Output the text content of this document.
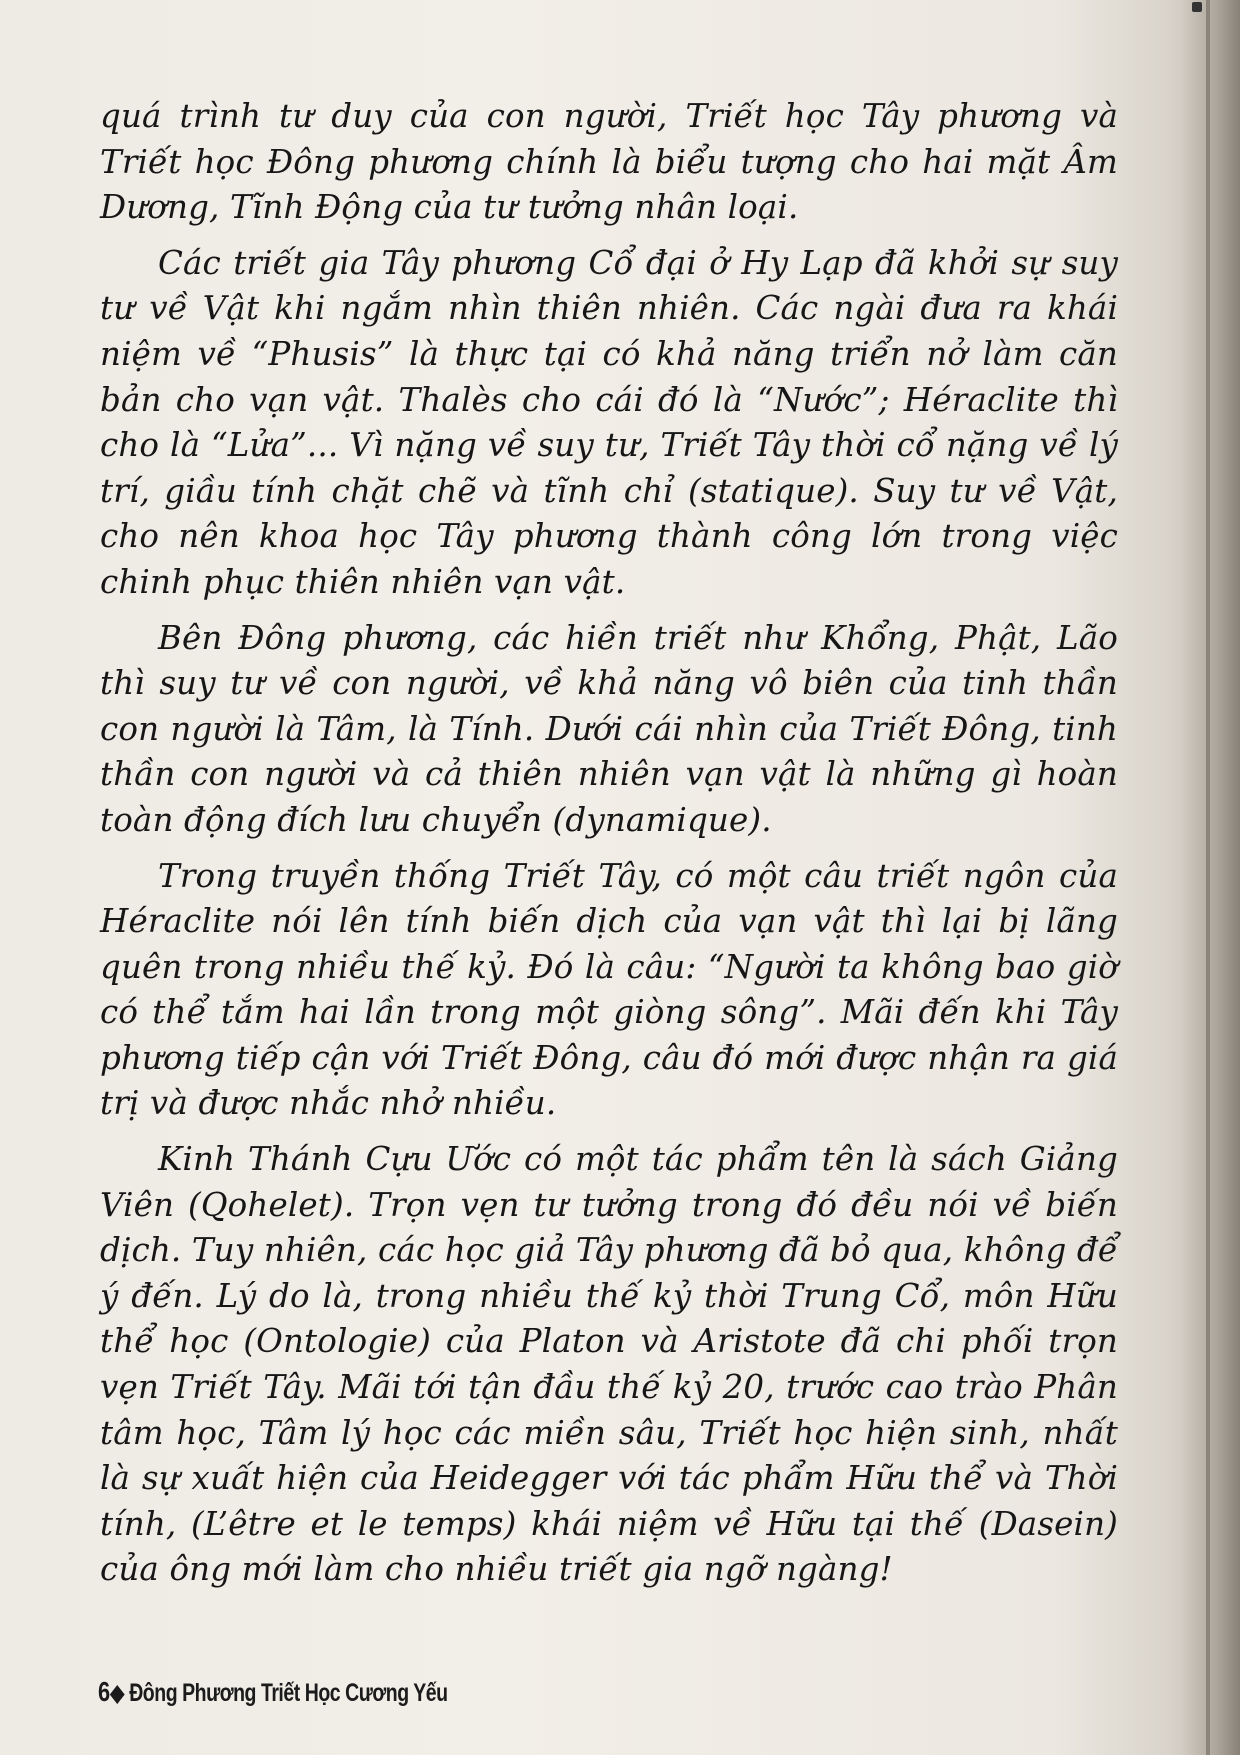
quá trình tư duy của con người, Triết học Tây phương và Triết học Đông phương chính là biểu tượng cho hai mặt Âm Dương, Tĩnh Động của tư tưởng nhân loại.

Các triết gia Tây phương Cổ đại ở Hy Lạp đã khởi sự suy tư về Vật khi ngắm nhìn thiên nhiên. Các ngài đưa ra khái niệm về “Phusis” là thực tại có khả năng triển nở làm căn bản cho vạn vật. Thalès cho cái đó là “Nước”; Héraclite thì cho là “Lửa”... Vì nặng về suy tư, Triết Tây thời cổ nặng về lý trí, giầu tính chặt chẽ và tĩnh chỉ (statique). Suy tư về Vật, cho nên khoa học Tây phương thành công lớn trong việc chinh phục thiên nhiên vạn vật.

Bên Đông phương, các hiền triết như Khổng, Phật, Lão thì suy tư về con người, về khả năng vô biên của tinh thần con người là Tâm, là Tính. Dưới cái nhìn của Triết Đông, tinh thần con người và cả thiên nhiên vạn vật là những gì hoàn toàn động đích lưu chuyển (dynamique).

Trong truyền thống Triết Tây, có một câu triết ngôn của Héraclite nói lên tính biến dịch của vạn vật thì lại bị lãng quên trong nhiều thế kỷ. Đó là câu: “Người ta không bao giờ có thể tắm hai lần trong một giòng sông”. Mãi đến khi Tây phương tiếp cận với Triết Đông, câu đó mới được nhận ra giá trị và được nhắc nhở nhiều.

Kinh Thánh Cựu Ước có một tác phẩm tên là sách Giảng Viên (Qohelet). Trọn vẹn tư tưởng trong đó đều nói về biến dịch. Tuy nhiên, các học giả Tây phương đã bỏ qua, không để ý đến. Lý do là, trong nhiều thế kỷ thời Trung Cổ, môn Hữu thể học (Ontologie) của Platon và Aristote đã chi phối trọn vẹn Triết Tây. Mãi tới tận đầu thế kỷ 20, trước cao trào Phân tâm học, Tâm lý học các miền sâu, Triết học hiện sinh, nhất là sự xuất hiện của Heidegger với tác phẩm Hữu thể và Thời tính, (L’être et le temps) khái niệm về Hữu tại thế (Dasein) của ông mới làm cho nhiều triết gia ngỡ ngàng!

6◆ Đông Phương Triết Học Cương Yếu
